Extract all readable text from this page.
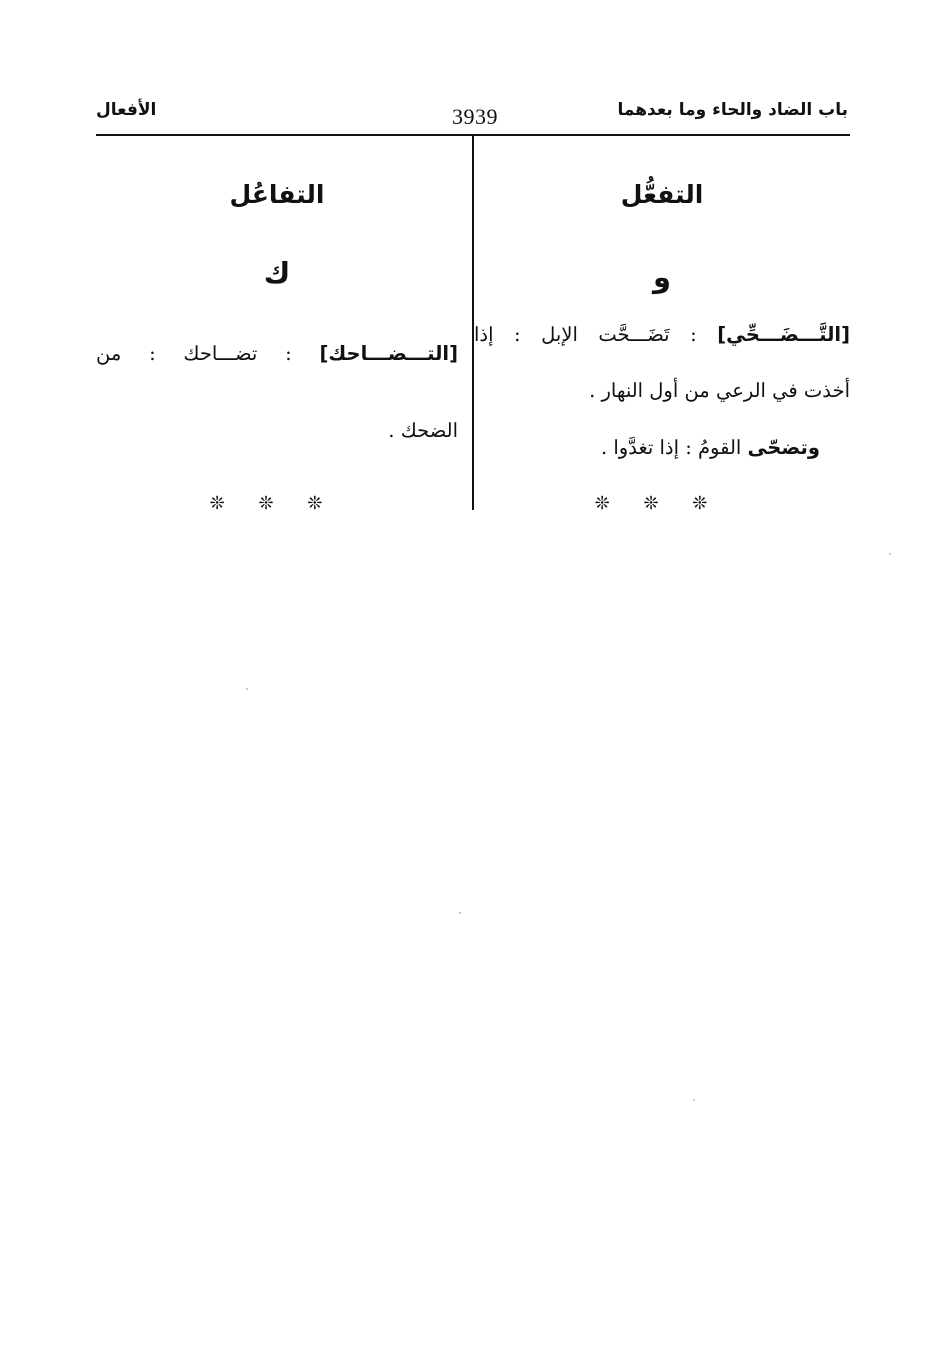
باب الضاد والحاء وما بعدهما
3939
الأفعال
التفعُّل
و
[التَّـــضَـــحِّي] : تَضَـــحَّت الإبل : إذا
أخذت في الرعي من أول النهار .
وتضحّى القومُ : إذا تغدَّوا .
❊ ❊ ❊
التفاعُل
ك
[التـــضـــاحك] : تضـــاحك : من
الضحك .
❊ ❊ ❊
